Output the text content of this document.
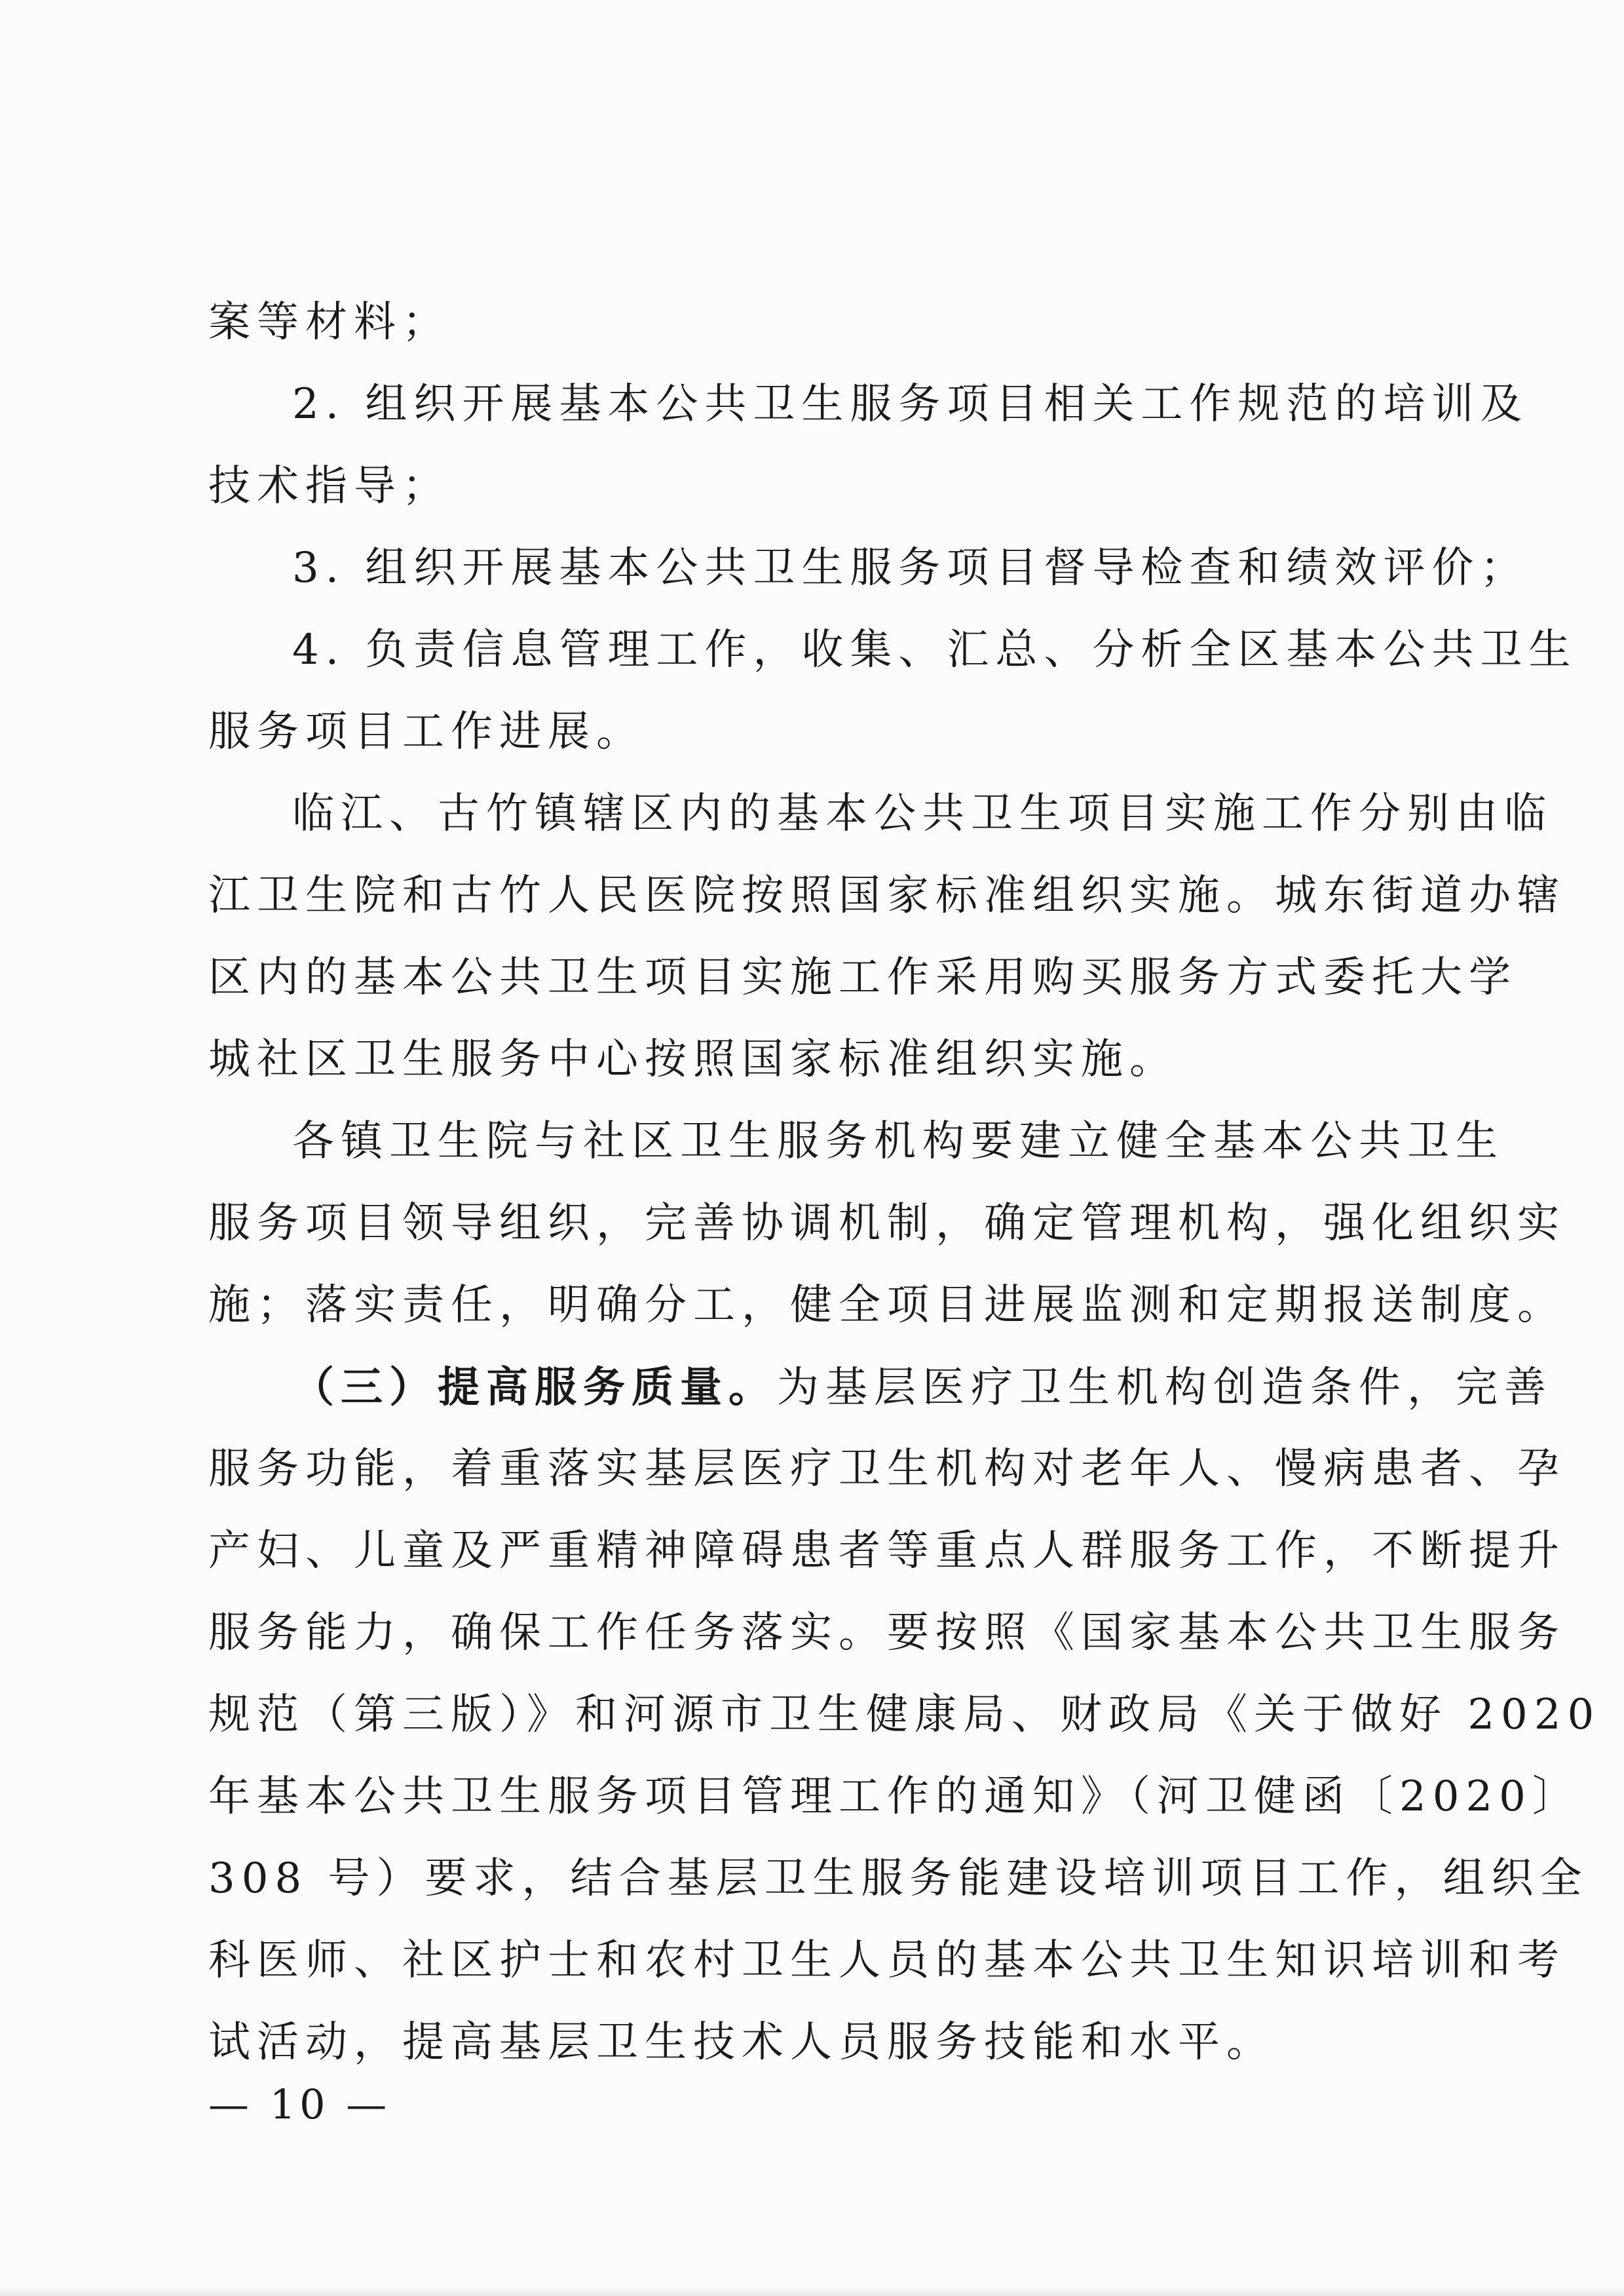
案等材料；
2. 组织开展基本公共卫生服务项目相关工作规范的培训及
技术指导；
3. 组织开展基本公共卫生服务项目督导检查和绩效评价；
4. 负责信息管理工作，收集、汇总、分析全区基本公共卫生
服务项目工作进展。
临江、古竹镇辖区内的基本公共卫生项目实施工作分别由临
江卫生院和古竹人民医院按照国家标准组织实施。城东街道办辖
区内的基本公共卫生项目实施工作采用购买服务方式委托大学
城社区卫生服务中心按照国家标准组织实施。
各镇卫生院与社区卫生服务机构要建立健全基本公共卫生
服务项目领导组织，完善协调机制，确定管理机构，强化组织实
施；落实责任，明确分工，健全项目进展监测和定期报送制度。
（三）提高服务质量。为基层医疗卫生机构创造条件，完善
服务功能，着重落实基层医疗卫生机构对老年人、慢病患者、孕
产妇、儿童及严重精神障碍患者等重点人群服务工作，不断提升
服务能力，确保工作任务落实。要按照《国家基本公共卫生服务
规范（第三版）》和河源市卫生健康局、财政局《关于做好 2020
年基本公共卫生服务项目管理工作的通知》（河卫健函〔2020〕
308 号）要求，结合基层卫生服务能建设培训项目工作，组织全
科医师、社区护士和农村卫生人员的基本公共卫生知识培训和考
试活动，提高基层卫生技术人员服务技能和水平。
— 10 —
